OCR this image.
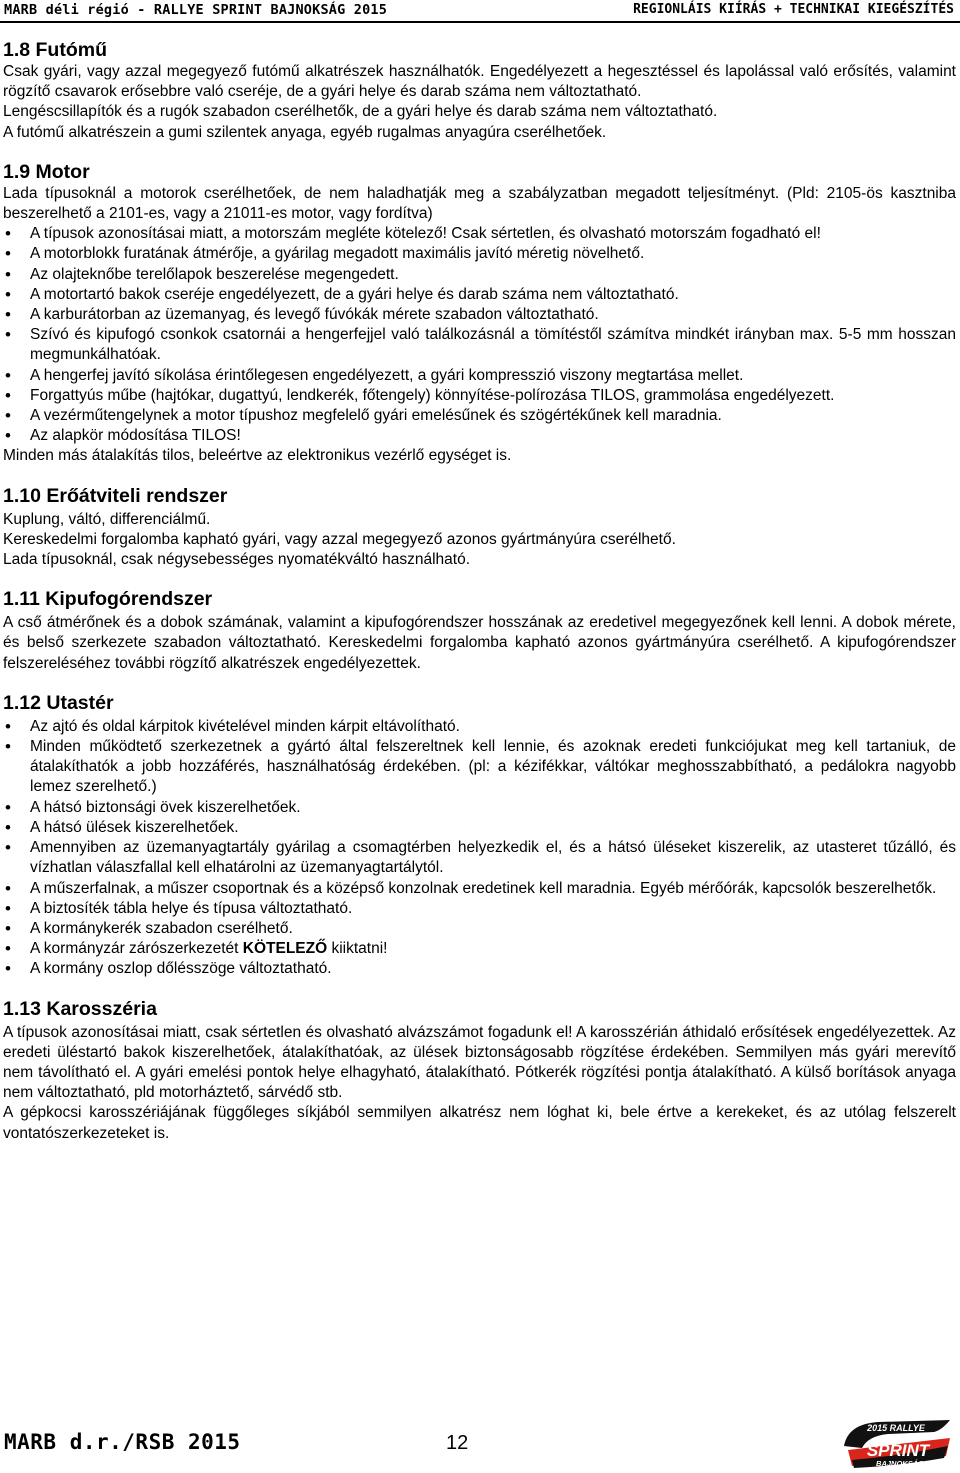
MARB déli régió - RALLYE SPRINT BAJNOKSÁG 2015	REGIONLÁIS KIÍRÁS + TECHNIKAI KIEGÉSZÍTÉS
1.8 Futómű

Csak gyári, vagy azzal megegyező futómű alkatrészek használhatók. Engedélyezett a hegesztéssel és lapolással való erősítés, valamint rögzítő csavarok erősebbre való cseréje, de a gyári helye és darab száma nem változtatható.

Lengéscsillapítók és a rugók szabadon cserélhetők, de a gyári helye és darab száma nem változtatható.

A futómű alkatrészein a gumi szilentek anyaga, egyéb rugalmas anyagúra cserélhetőek.

1.9 Motor

Lada típusoknál a motorok cserélhetőek, de nem haladhatják meg a szabályzatban megadott teljesítményt. (Pld: 2105-ös kasztniba beszerelhető a 2101-es, vagy a 21011-es motor, vagy fordítva)

• A típusok azonosításai miatt, a motorszám megléte kötelező! Csak sértetlen, és olvasható motorszám fogadható el!
• A motorblokk furatának átmérője, a gyárilag megadott maximális javító méretig növelhető.
• Az olajteknőbe terelőlapok beszerelése megengedett.
• A motortartó bakok cseréje engedélyezett, de a gyári helye és darab száma nem változtatható.
• A karburátorban az üzemanyag, és levegő fúvókák mérete szabadon változtatható.
• Szívó és kipufogó csonkok csatornái a hengerfejjel való találkozásnál a tömítéstől számítva mindkét irányban max. 5-5 mm hosszan megmunkálhatóak.
• A hengerfej javító síkolása érintőlegesen engedélyezett, a gyári kompresszió viszony megtartása mellet.
• Forgattyús műbe (hajtókar, dugattyú, lendkerék, főtengely) könnyítése-polírozása TILOS, grammolása engedélyezett.
• A vezérműtengelynek a motor típushoz megfelelő gyári emelésűnek és szögértékűnek kell maradnia.
• Az alapkör módosítása TILOS!

Minden más átalakítás tilos, beleértve az elektronikus vezérlő egységet is.

1.10 Erőátviteli rendszer

Kuplung, váltó, differenciálmű.

Kereskedelmi forgalomba kapható gyári, vagy azzal megegyező azonos gyártmányúra cserélhető.

Lada típusoknál, csak négysebességes nyomatékváltó használható.

1.11 Kipufogórendszer

A cső átmérőnek és a dobok számának, valamint a kipufogórendszer hosszának az eredetivel megegyezőnek kell lenni. A dobok mérete, és belső szerkezete szabadon változtatható. Kereskedelmi forgalomba kapható azonos gyártmányúra cserélhető. A kipufogórendszer felszereléséhez további rögzítő alkatrészek engedélyezettek.

1.12 Utastér
• Az ajtó és oldal kárpitok kivételével minden kárpit eltávolítható.
• Minden működtető szerkezetnek a gyártó által felszereltnek kell lennie, és azoknak eredeti funkciójukat meg kell tartaniuk, de átalakíthatók a jobb hozzáférés, használhatóság érdekében. (pl: a kézifékkar, váltókar meghosszabbítható, a pedálokra nagyobb lemez szerelhető.)
• A hátsó biztonsági övek kiszerelhetőek.
• A hátsó ülések kiszerelhetőek.
• Amennyiben az üzemanyagtartály gyárilag a csomagtérben helyezkedik el, és a hátsó üléseket kiszerelik, az utasteret tűzálló, és vízhatlan válaszfallal kell elhatárolni az üzemanyagtartálytól.
• A műszerfalnak, a műszer csoportnak és a középső konzolnak eredetinek kell maradnia. Egyéb mérőórák, kapcsolók beszerelhetők.
• A biztosíték tábla helye és típusa változtatható.
• A kormánykerék szabadon cserélhető.
• A kormányzár zárószerkezetét KÖTELEZŐ kiiktatni!
• A kormány oszlop dőlésszöge változtatható.
1.13 Karosszéria

A típusok azonosításai miatt, csak sértetlen és olvasható alvázszámot fogadunk el! A karosszérián áthidaló erősítések engedélyezettek. Az eredeti üléstartó bakok kiszerelhetőek, átalakíthatóak, az ülések biztonságosabb rögzítése érdekében. Semmilyen más gyári merevítő nem távolítható el. A gyári emelési pontok helye elhagyható, átalakítható. Pótkerék rögzítési pontja átalakítható. A külső borítások anyaga nem változtatható, pld motorháztető, sárvédő stb.

A gépkocsi karosszériájának függőleges síkjából semmilyen alkatrész nem lóghat ki, bele értve a kerekeket, és az utólag felszerelt vontatószerkezeteket is.

MARB d.r./RSB 2015	12
2015 RALLYE
SPRINT
BAJNOKSÁG
